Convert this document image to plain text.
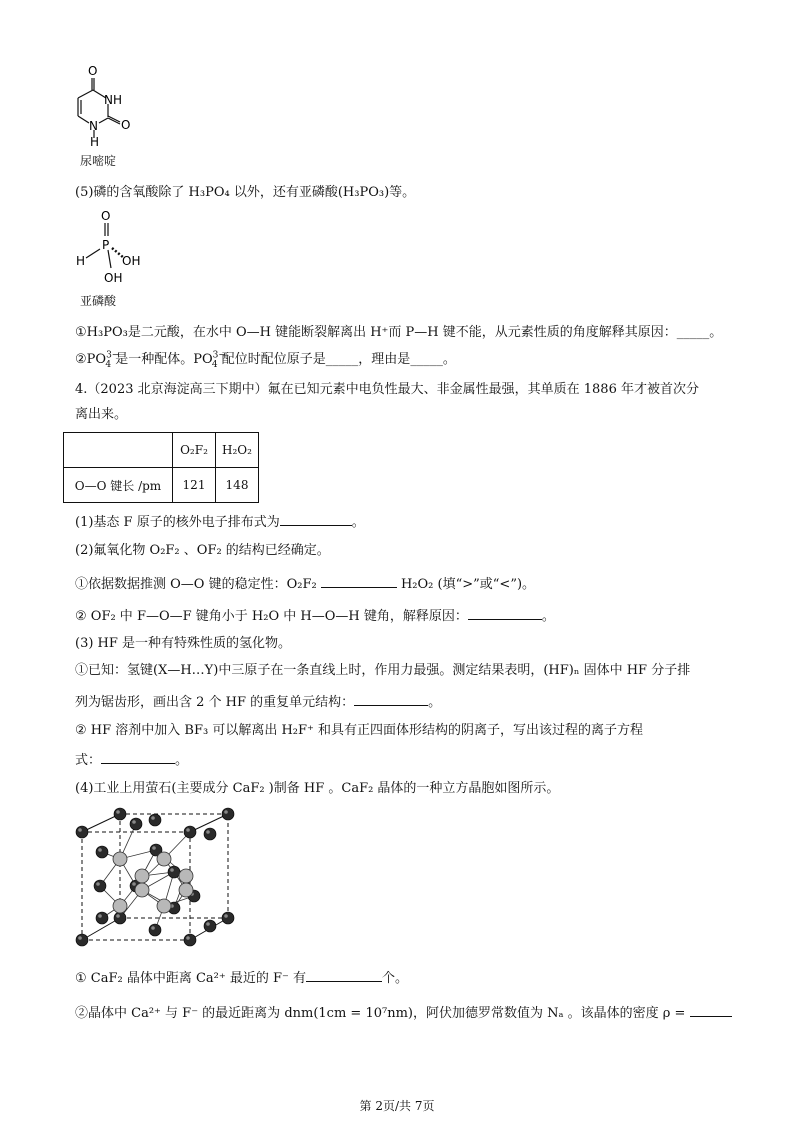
O
NH
N O
H
尿嘧啶
(5)磷的含氧酸除了 H₃PO₄ 以外，还有亚磷酸(H₃PO₃)等。
O
P
H	OH
OH
亚磷酸
①H₃PO₃是二元酸，在水中 O—H 键能断裂解离出 H⁺而 P—H 键不能，从元素性质的角度解释其原因：_____。
$②PO^{3-}_4$ 是一种配体。$PO^{3-}_4$ 配位时配位原子是_____，理由是_____。
4.（2023 北京海淀高三下期中）氟在已知元素中电负性最大、非金属性最强，其单质在 1886 年才被首次分
离出来。
	O₂F₂	H₂O₂
O—O 键长 /pm	121	148
(1)基态 F 原子的核外电子排布式为	。
(2)氟氧化物 O₂F₂ 、OF₂ 的结构已经确定。
①依据数据推测 O—O 键的稳定性：O₂F₂	H₂O₂ (填“>”或“<”)。
② OF₂ 中 F—O—F 键角小于 H₂O 中 H—O—H 键角，解释原因：	。
(3) HF 是一种有特殊性质的氢化物。
①已知：氢键(X—H…Y)中三原子在一条直线上时，作用力最强。测定结果表明，(HF)ₙ 固体中 HF 分子排
列为锯齿形，画出含 2 个 HF 的重复单元结构：	。
② HF 溶剂中加入 BF₃ 可以解离出 H₂F⁺ 和具有正四面体形结构的阴离子，写出该过程的离子方程
式：	。
(4)工业上用萤石(主要成分 CaF₂ )制备 HF 。CaF₂ 晶体的一种立方晶胞如图所示。
① CaF₂ 晶体中距离 Ca²⁺ 最近的 F⁻ 有	个。
②晶体中 Ca²⁺ 与 F⁻ 的最近距离为 dnm(1cm = 10⁷nm)，阿伏加德罗常数值为 Nₐ 。该晶体的密度 ρ =
第 2页/共 7页
